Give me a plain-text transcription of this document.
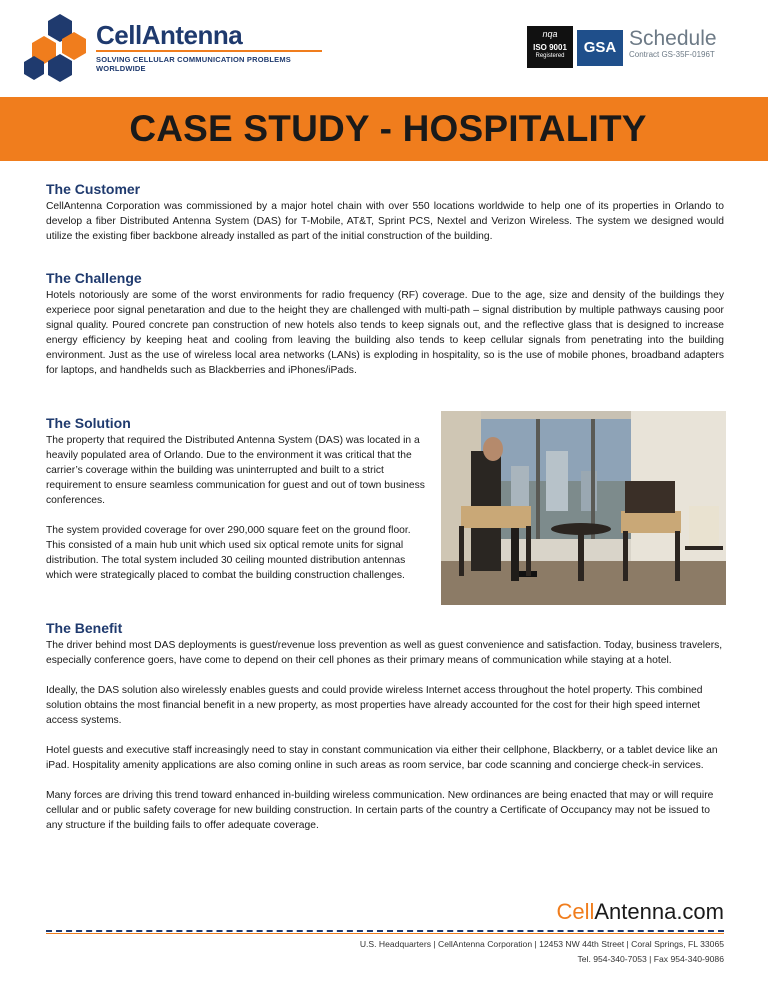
CellAntenna
SOLVING CELLULAR COMMUNICATION PROBLEMS WORLDWIDE
nqa
ISO 9001
Registered	GSA Schedule
Contract GS-35F-0196T
CASE STUDY - HOSPITALITY
The Customer

CellAntenna Corporation was commissioned by a major hotel chain with over 550 locations worldwide to help one of its properties in Orlando to develop a fiber Distributed Antenna System (DAS) for T-Mobile, AT&T, Sprint PCS, Nextel and Verizon Wireless. The system we designed would utilize the existing fiber backbone already installed as part of the initial construction of the building.

The Challenge

Hotels notoriously are some of the worst environments for radio frequency (RF) coverage. Due to the age, size and density of the buildings they experiece poor signal penetaration and due to the height they are challenged with multi-path – signal distribution by multiple pathways causing poor signal quality. Poured concrete pan construction of new hotels also tends to keep signals out, and the reflective glass that is designed to increase energy efficiency by keeping heat and cooling from leaving the building also tends to keep cellular signals from penetrating into the building environment. Just as the use of wireless local area networks (LANs) is exploding in hospitality, so is the use of mobile phones, broadband adapters for laptops, and handhelds such as Blackberries and iPhones/iPads.

The Solution

The property that required the Distributed Antenna System (DAS) was located in a heavily populated area of Orlando. Due to the environment it was critical that the carrier’s coverage within the building was uninterrupted and built to a strict requirement to ensure seamless communication for guest and out of town business conferences.

The system provided coverage for over 290,000 square feet on the ground floor. This consisted of a main hub unit which used six optical remote units for signal distribution. The total system included 30 ceiling mounted distribution antennas which were strategically placed to combat the building construction challenges.

The Benefit

The driver behind most DAS deployments is guest/revenue loss prevention as well as guest convenience and satisfaction. Today, business travelers, especially conference goers, have come to depend on their cell phones as their primary means of communication while staying at a hotel.

Ideally, the DAS solution also wirelessly enables guests and could provide wireless Internet access throughout the hotel property. This combined solution obtains the most financial benefit in a new property, as most properties have already accounted for the cost for their high speed internet access systems.

Hotel guests and executive staff increasingly need to stay in constant communication via either their cellphone, Blackberry, or a tablet device like an iPad. Hospitality amenity applications are also coming online in such areas as room service, bar code scanning and concierge check-in services.

Many forces are driving this trend toward enhanced in-building wireless communication. New ordinances are being enacted that may or will require cellular and or public safety coverage for new building construction. In certain parts of the country a Certificate of Occupancy may not be issued to any structure if the building fails to offer adequate coverage.

CellAntenna.com
U.S. Headquarters | CellAntenna Corporation | 12453 NW 44th Street | Coral Springs, FL 33065
Tel. 954-340-7053 | Fax 954-340-9086
